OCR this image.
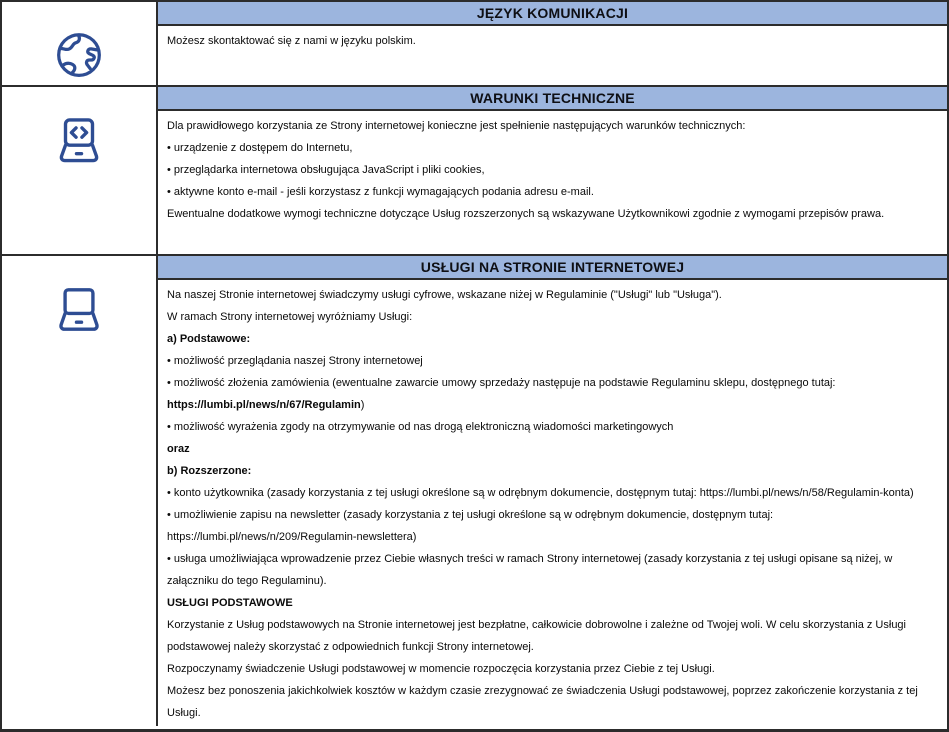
JĘZYK KOMUNIKACJI

Możesz skontaktować się z nami w języku polskim.

WARUNKI TECHNICZNE

Dla prawidłowego korzystania ze Strony internetowej konieczne jest spełnienie następujących warunków technicznych:

• urządzenie z dostępem do Internetu,

• przeglądarka internetowa obsługująca JavaScript i pliki cookies,

• aktywne konto e-mail - jeśli korzystasz z funkcji wymagających podania adresu e-mail.

Ewentualne dodatkowe wymogi techniczne dotyczące Usług rozszerzonych są wskazywane Użytkownikowi zgodnie z wymogami przepisów prawa.

USŁUGI NA STRONIE INTERNETOWEJ

Na naszej Stronie internetowej świadczymy usługi cyfrowe, wskazane niżej w Regulaminie ("Usługi" lub "Usługa").

W ramach Strony internetowej wyróżniamy Usługi:

a) Podstawowe:

• możliwość przeglądania naszej Strony internetowej

• możliwość złożenia zamówienia (ewentualne zawarcie umowy sprzedaży następuje na podstawie Regulaminu sklepu, dostępnego tutaj: https://lumbi.pl/news/n/67/Regulamin)

• możliwość wyrażenia zgody na otrzymywanie od nas drogą elektroniczną wiadomości marketingowych

oraz

b) Rozszerzone:

• konto użytkownika (zasady korzystania z tej usługi określone są w odrębnym dokumencie, dostępnym tutaj: https://lumbi.pl/news/n/58/Regulamin-konta)

• umożliwienie zapisu na newsletter (zasady korzystania z tej usługi określone są w odrębnym dokumencie, dostępnym tutaj: https://lumbi.pl/news/n/209/Regulamin-newslettera)

• usługa umożliwiająca wprowadzenie przez Ciebie własnych treści w ramach Strony internetowej (zasady korzystania z tej usługi opisane są niżej, w załączniku do tego Regulaminu).

USŁUGI PODSTAWOWE

Korzystanie z Usług podstawowych na Stronie internetowej jest bezpłatne, całkowicie dobrowolne i zależne od Twojej woli. W celu skorzystania z Usługi podstawowej należy skorzystać z odpowiednich funkcji Strony internetowej.

Rozpoczynamy świadczenie Usługi podstawowej w momencie rozpoczęcia korzystania przez Ciebie z tej Usługi.

Możesz bez ponoszenia jakichkolwiek kosztów w każdym czasie zrezygnować ze świadczenia Usługi podstawowej, poprzez zakończenie korzystania z tej Usługi.
